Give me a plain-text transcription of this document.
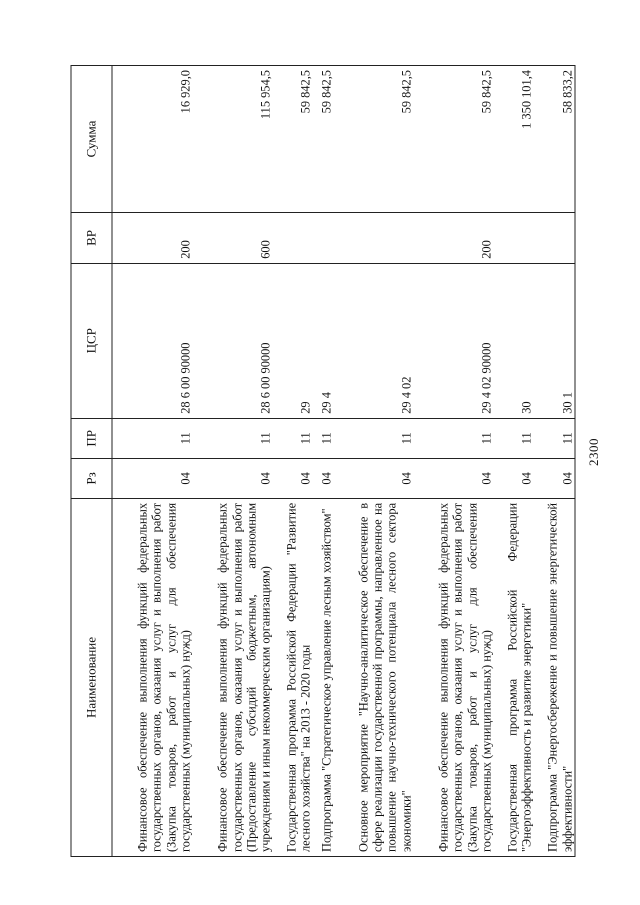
2300
Наименование	Рз	ПР	ЦСР	ВР	Сумма
Финансовое обеспечение выполнения функций федеральных государственных органов, оказания услуг и выполнения работ (Закупка товаров, работ и услуг для обеспечения государственных (муниципальных) нужд)	04	11	28 6 00 90000	200	16 929,0
Финансовое обеспечение выполнения функций федеральных государственных органов, оказания услуг и выполнения работ (Предоставление субсидий бюджетным, автономным учреждениям и иным некоммерческим организациям)	04	11	28 6 00 90000	600	115 954,5
Государственная программа Российской Федерации "Развитие лесного хозяйства" на 2013 - 2020 годы	04	11	29		59 842,5
Подпрограмма "Стратегическое управление лесным хозяйством"	04	11	29 4		59 842,5
Основное мероприятие "Научно-аналитическое обеспечение в сфере реализации государственной программы, направленное на повышение научно-технического потенциала лесного сектора экономики"	04	11	29 4 02		59 842,5
Финансовое обеспечение выполнения функций федеральных государственных органов, оказания услуг и выполнения работ (Закупка товаров, работ и услуг для обеспечения государственных (муниципальных) нужд)	04	11	29 4 02 90000	200	59 842,5
Государственная программа Российской Федерации "Энергоэффективность и развитие энергетики"	04	11	30		1 350 101,4
Подпрограмма "Энергосбережение и повышение энергетической эффективности"	04	11	30 1		58 833,2
